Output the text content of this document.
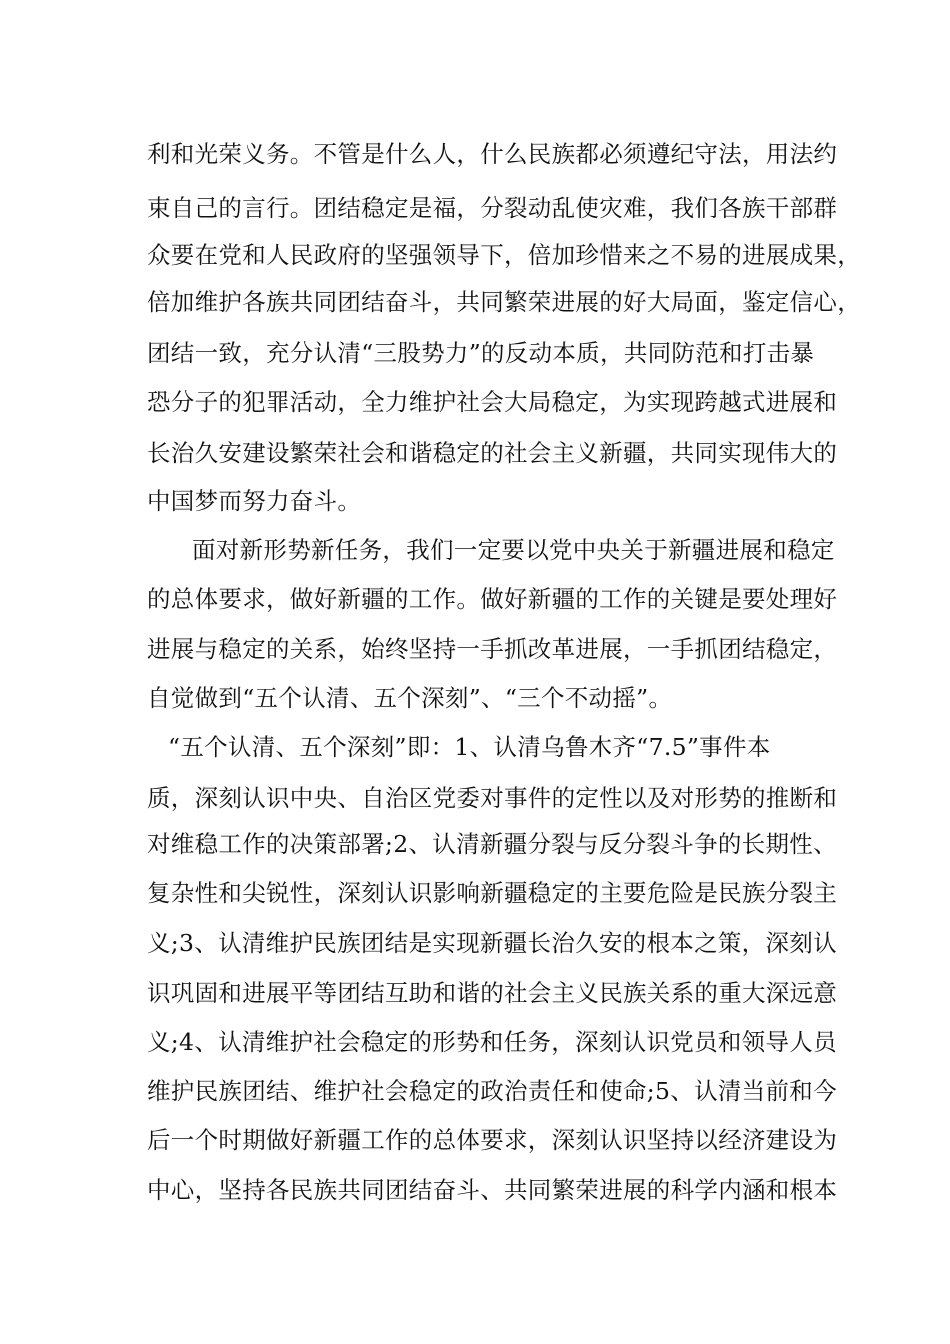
利和光荣义务。不管是什么人，什么民族都必须遵纪守法，用法约
束自己的言行。团结稳定是福，分裂动乱使灾难，我们各族干部群
众要在党和人民政府的坚强领导下，倍加珍惜来之不易的进展成果，
倍加维护各族共同团结奋斗，共同繁荣进展的好大局面，鉴定信心，
团结一致，充分认清“三股势力”的反动本质，共同防范和打击暴
恐分子的犯罪活动，全力维护社会大局稳定，为实现跨越式进展和
长治久安建设繁荣社会和谐稳定的社会主义新疆，共同实现伟大的
中国梦而努力奋斗。
面对新形势新任务，我们一定要以党中央关于新疆进展和稳定
的总体要求，做好新疆的工作。做好新疆的工作的关键是要处理好
进展与稳定的关系，始终坚持一手抓改革进展，一手抓团结稳定，
自觉做到“五个认清、五个深刻”、“三个不动摇”。
“五个认清、五个深刻”即：1、认清乌鲁木齐“7.5”事件本
质，深刻认识中央、自治区党委对事件的定性以及对形势的推断和
对维稳工作的决策部署;2、认清新疆分裂与反分裂斗争的长期性、
复杂性和尖锐性，深刻认识影响新疆稳定的主要危险是民族分裂主
义;3、认清维护民族团结是实现新疆长治久安的根本之策，深刻认
识巩固和进展平等团结互助和谐的社会主义民族关系的重大深远意
义;4、认清维护社会稳定的形势和任务，深刻认识党员和领导人员
维护民族团结、维护社会稳定的政治责任和使命;5、认清当前和今
后一个时期做好新疆工作的总体要求，深刻认识坚持以经济建设为
中心，坚持各民族共同团结奋斗、共同繁荣进展的科学内涵和根本
